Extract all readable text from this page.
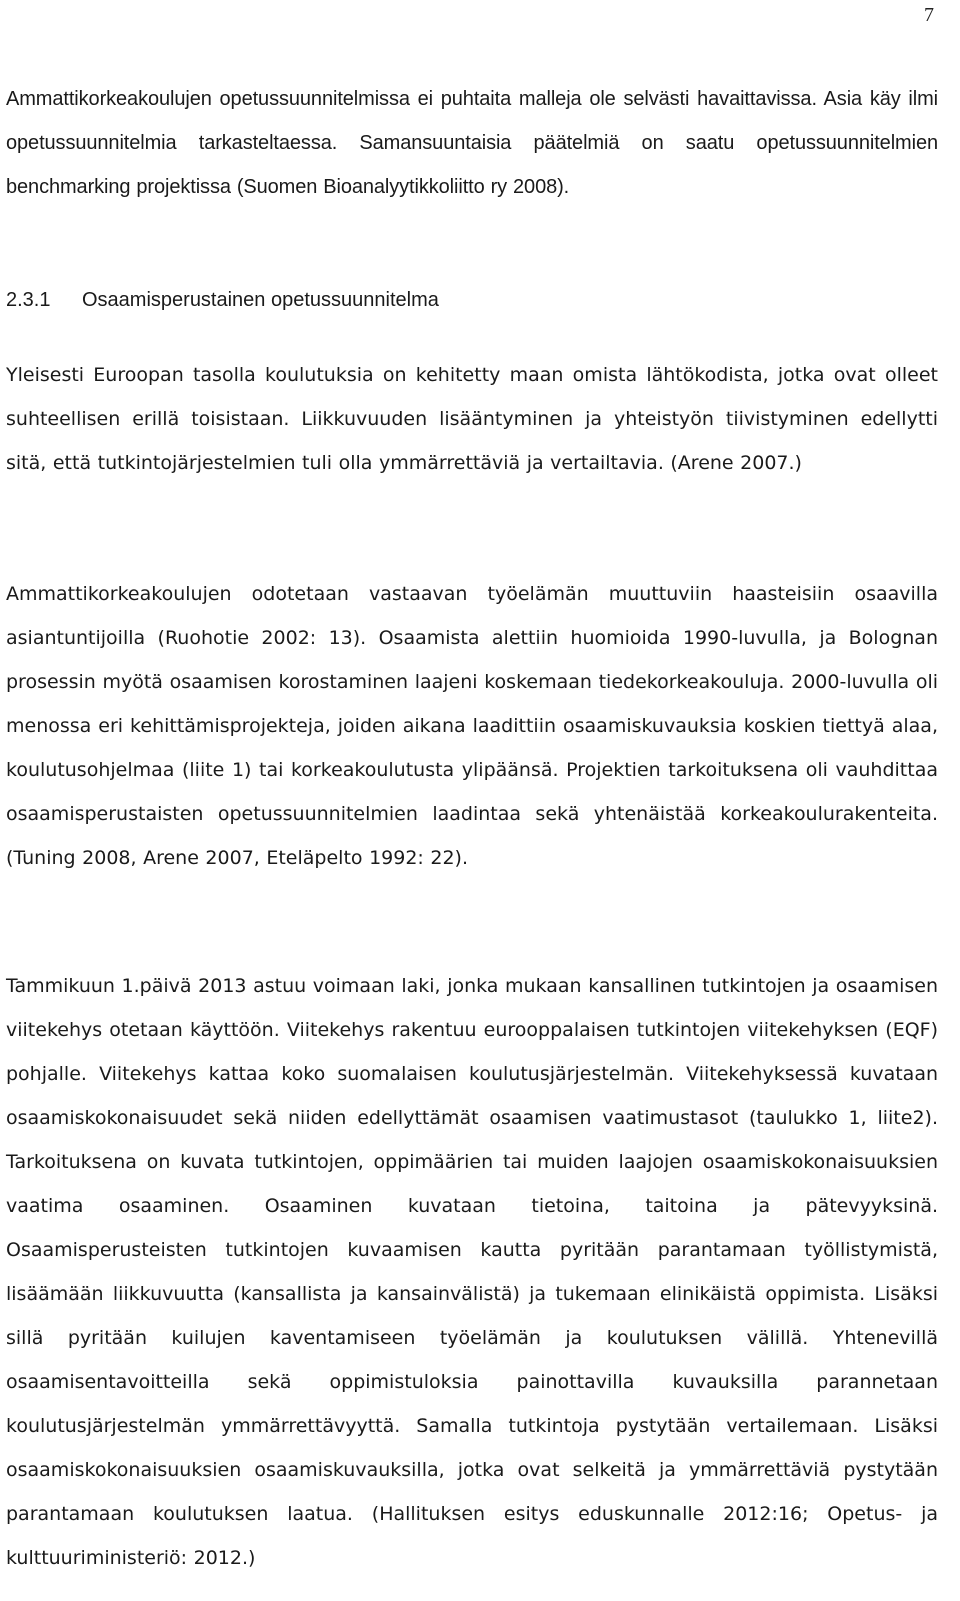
7

Ammattikorkeakoulujen opetussuunnitelmissa ei puhtaita malleja ole selvästi havaittavissa. Asia käy ilmi opetussuunnitelmia tarkasteltaessa. Samansuuntaisia päätelmiä on saatu opetussuunnitelmien benchmarking projektissa (Suomen Bioanalyytikkoliitto ry 2008).

2.3.1 Osaamisperustainen opetussuunnitelma

Yleisesti Euroopan tasolla koulutuksia on kehitetty maan omista lähtökodista, jotka ovat olleet suhteellisen erillä toisistaan. Liikkuvuuden lisääntyminen ja yhteistyön tiivistyminen edellytti sitä, että tutkintojärjestelmien tuli olla ymmärrettäviä ja vertailtavia. (Arene 2007.)

Ammattikorkeakoulujen odotetaan vastaavan työelämän muuttuviin haasteisiin osaavilla asiantuntijoilla (Ruohotie 2002: 13). Osaamista alettiin huomioida 1990-luvulla, ja Bolognan prosessin myötä osaamisen korostaminen laajeni koskemaan tiedekorkeakouluja. 2000-luvulla oli menossa eri kehittämisprojekteja, joiden aikana laadittiin osaamiskuvauksia koskien tiettyä alaa, koulutusohjelmaa (liite 1) tai korkeakoulutusta ylipäänsä. Projektien tarkoituksena oli vauhdittaa osaamisperustaisten opetussuunnitelmien laadintaa sekä yhtenäistää korkeakoulurakenteita. (Tuning 2008, Arene 2007, Eteläpelto 1992: 22).

Tammikuun 1.päivä 2013 astuu voimaan laki, jonka mukaan kansallinen tutkintojen ja osaamisen viitekehys otetaan käyttöön. Viitekehys rakentuu eurooppalaisen tutkintojen viitekehyksen (EQF) pohjalle. Viitekehys kattaa koko suomalaisen koulutusjärjestelmän. Viitekehyksessä kuvataan osaamiskokonaisuudet sekä niiden edellyttämät osaamisen vaatimustasot (taulukko 1, liite2). Tarkoituksena on kuvata tutkintojen, oppimäärien tai muiden laajojen osaamiskokonaisuuksien vaatima osaaminen. Osaaminen kuvataan tietoina, taitoina ja pätevyyksinä. Osaamisperusteisten tutkintojen kuvaamisen kautta pyritään parantamaan työllistymistä, lisäämään liikkuvuutta (kansallista ja kansainvälistä) ja tukemaan elinikäistä oppimista. Lisäksi sillä pyritään kuilujen kaventamiseen työelämän ja koulutuksen välillä. Yhtenevillä osaamisentavoitteilla sekä oppimistuloksia painottavilla kuvauksilla parannetaan koulutusjärjestelmän ymmärrettävyyttä. Samalla tutkintoja pystytään vertailemaan. Lisäksi osaamiskokonaisuuksien osaamiskuvauksilla, jotka ovat selkeitä ja ymmärrettäviä pystytään parantamaan koulutuksen laatua. (Hallituksen esitys eduskunnalle 2012:16; Opetus- ja kulttuuriministeriö: 2012.)
